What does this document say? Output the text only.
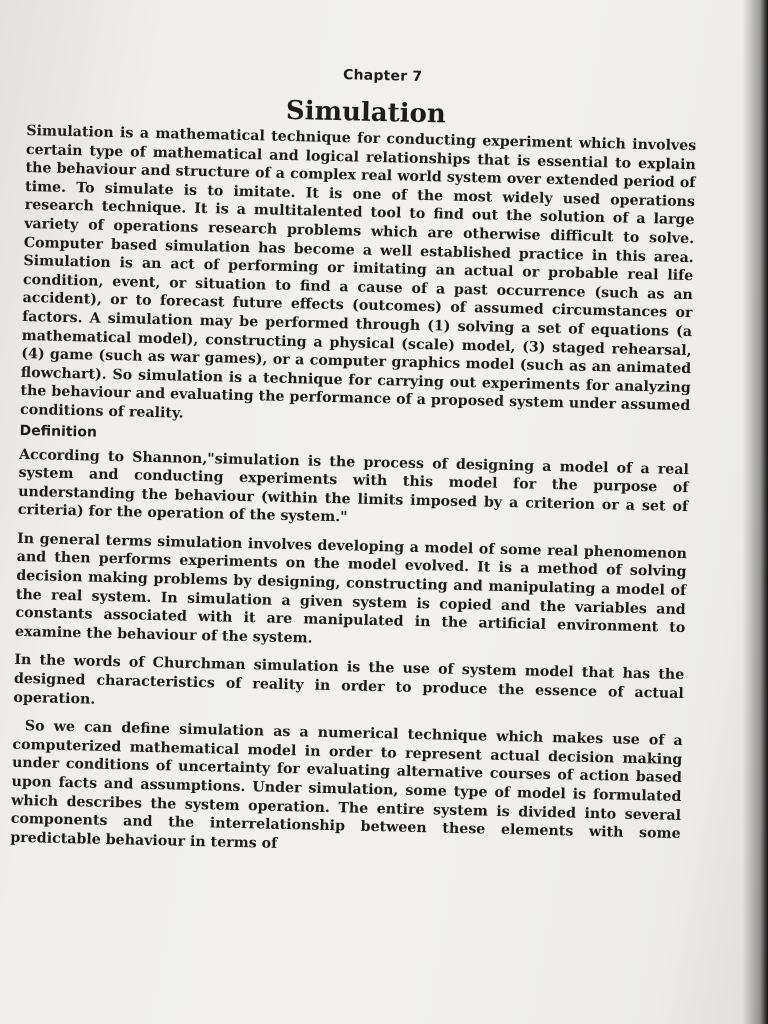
Chapter 7
Simulation

Simulation is a mathematical technique for conducting experiment which involves certain type of mathematical and logical relationships that is essential to explain the behaviour and structure of a complex real world system over extended period of time. To simulate is to imitate. It is one of the most widely used operations research technique. It is a multitalented tool to find out the solution of a large variety of operations research problems which are otherwise difficult to solve. Computer based simulation has become a well established practice in this area. Simulation is an act of performing or imitating an actual or probable real life condition, event, or situation to find a cause of a past occurrence (such as an accident), or to forecast future effects (outcomes) of assumed circumstances or factors. A simulation may be performed through (1) solving a set of equations (a mathematical model), constructing a physical (scale) model, (3) staged rehearsal, (4) game (such as war games), or a computer graphics model (such as an animated flowchart). So simulation is a technique for carrying out experiments for analyzing the behaviour and evaluating the performance of a proposed system under assumed conditions of reality.

Definition

According to Shannon,"simulation is the process of designing a model of a real system and conducting experiments with this model for the purpose of understanding the behaviour (within the limits imposed by a criterion or a set of criteria) for the operation of the system."

In general terms simulation involves developing a model of some real phenomenon and then performs experiments on the model evolved. It is a method of solving decision making problems by designing, constructing and manipulating a model of the real system. In simulation a given system is copied and the variables and constants associated with it are manipulated in the artificial environment to examine the behaviour of the system.

In the words of Churchman simulation is the use of system model that has the designed characteristics of reality in order to produce the essence of actual operation.

So we can define simulation as a numerical technique which makes use of a computerized mathematical model in order to represent actual decision making under conditions of uncertainty for evaluating alternative courses of action based upon facts and assumptions. Under simulation, some type of model is formulated which describes the system operation. The entire system is divided into several components and the interrelationship between these elements with some predictable behaviour in terms of
